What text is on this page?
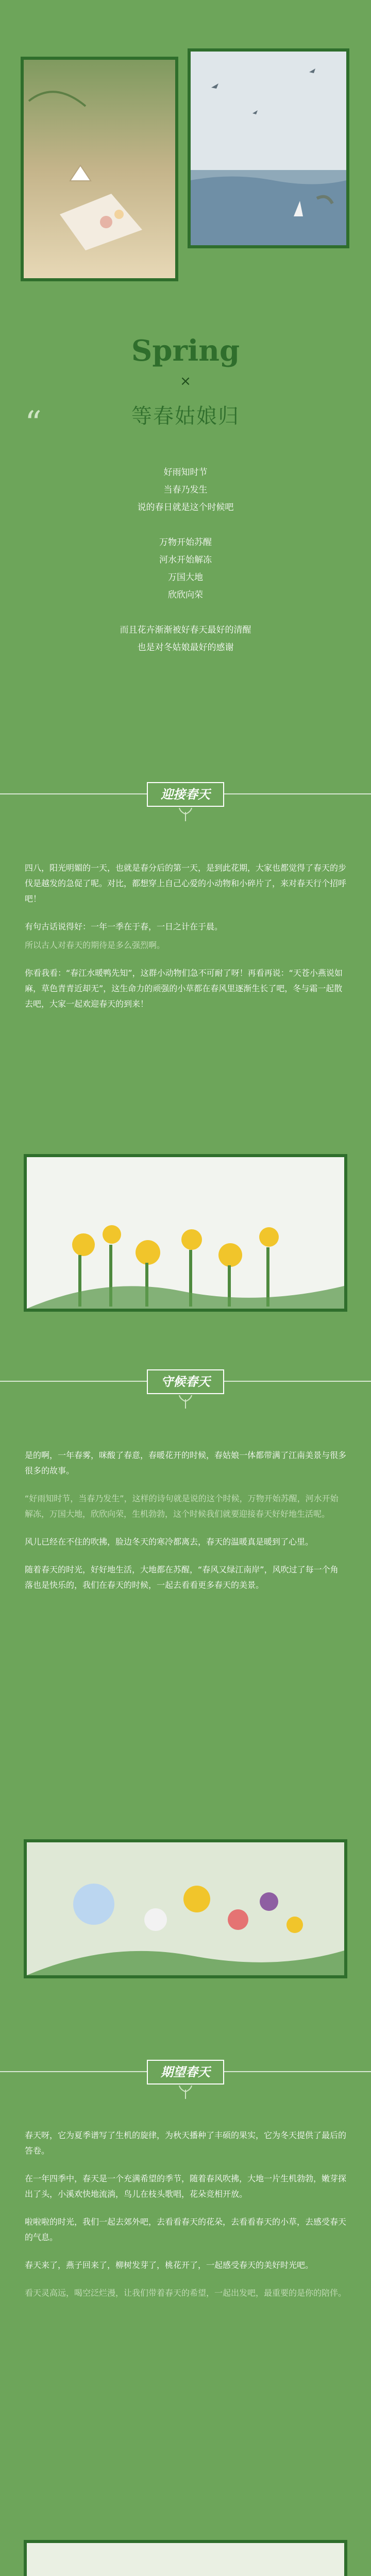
Spring
×
“	等春姑娘归
好雨知时节
当春乃发生
说的春日就是这个时候吧
万物开始苏醒
河水开始解冻
万国大地
欣欣向荣
而且花卉渐渐被好春天最好的清醒
也是对冬姑娘最好的感谢
迎接春天

四八，阳光明媚的一天，也就是春分后的第一天，是到此花期，大家也都觉得了春天的步伐是越发的急促了呢。对比，都想穿上自己心爱的小动物和小碎片了，来对春天行个招呼吧！

有句古话说得好：一年一季在于春，一日之计在于晨。

所以古人对春天的期待是多么强烈啊。

你看我看：“春江水暖鸭先知”，这群小动物们急不可耐了呀！再看再说：“天苍小燕说如麻，草色青青近却无”，这生命力的顽强的小草都在春风里逐渐生长了吧，冬与霜一起散去吧，大家一起欢迎春天的到来！

守候春天

是的啊，一年春雾，咪酸了春意，春暖花开的时候，春姑娘一体都带满了江南美景与很多很多的故事。

“好雨知时节，当春乃发生”，这样的诗句就是说的这个时候，万物开始苏醒，河水开始解冻，万国大地，欣欣向荣，生机勃勃，这个时候我们就要迎接春天好好地生活呢。

风儿已经在不住的吹拂，脸边冬天的寒冷都离去，春天的温暖真是暖到了心里。

随着春天的时光，好好地生活，大地都在苏醒，“春风又绿江南岸”，风吹过了每一个角落也是快乐的，我们在春天的时候，一起去看看更多春天的美景。

期望春天

春天呀，它为夏季谱写了生机的旋律，为秋天播种了丰硕的果实，它为冬天提供了最后的答卷。

在一年四季中，春天是一个充满希望的季节，随着春风吹拂，大地一片生机勃勃，嫩芽探出了头，小溪欢快地流淌，鸟儿在枝头歌唱，花朵竞相开放。

啦啦啦的时光，我们一起去郊外吧，去看看春天的花朵，去看看春天的小草，去感受春天的气息。

春天来了，燕子回来了，柳树发芽了，桃花开了，一起感受春天的美好时光吧。

看天灵高远，喝空泛烂漫，让我们带着春天的希望，一起出发吧，最重要的是你的陪伴。
